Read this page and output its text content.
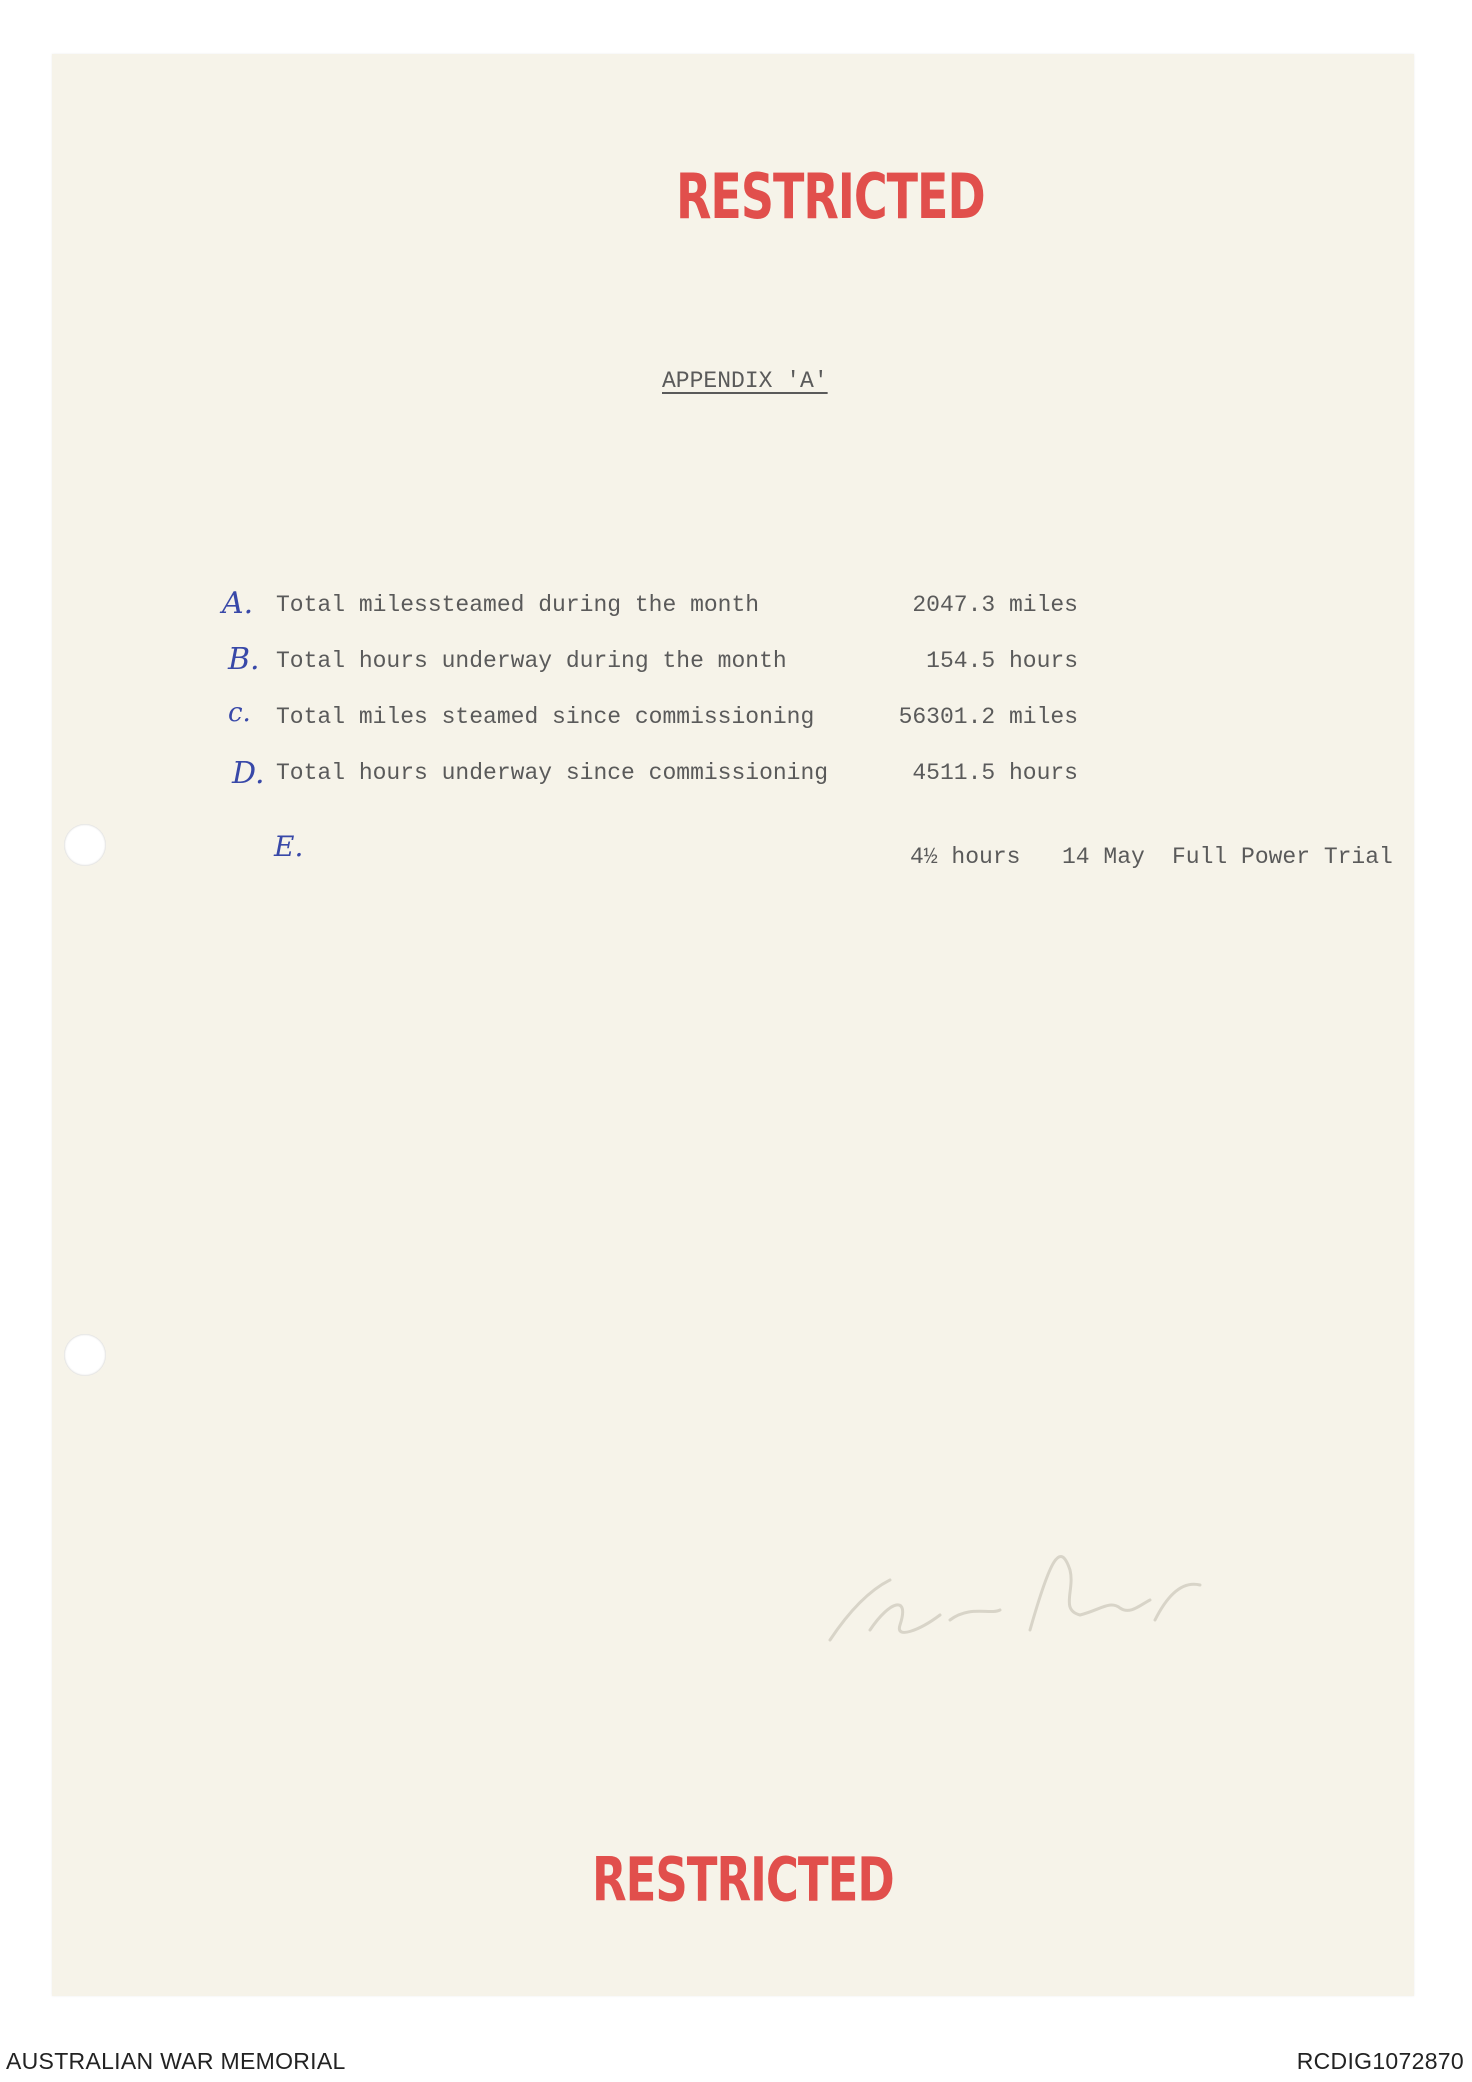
RESTRICTED
APPENDIX 'A'
A. Total milessteamed during the month	2047.3 miles
B. Total hours underway during the month	154.5 hours
c. Total miles steamed since commissioning	56301.2 miles
D. Total hours underway since commissioning	4511.5 hours
E.	4½ hours 14 May Full Power Trial
RESTRICTED
AUSTRALIAN WAR MEMORIAL	RCDIG1072870
